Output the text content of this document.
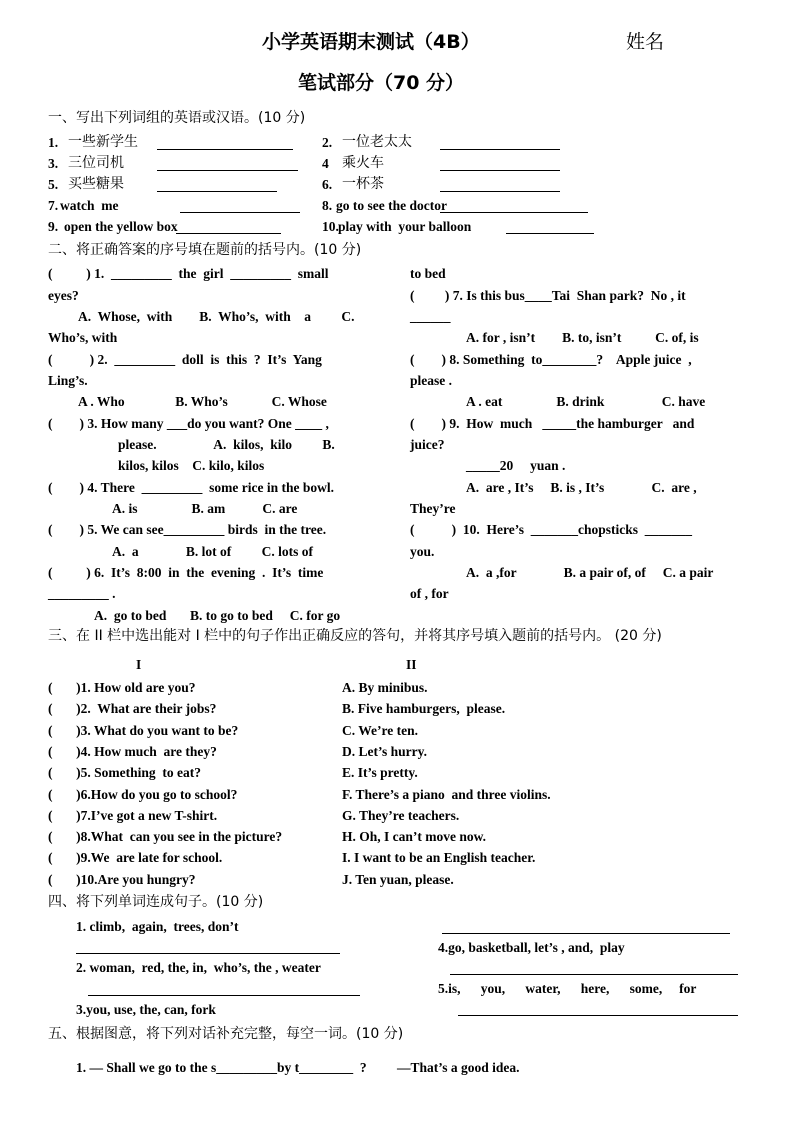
小学英语期末测试（4B）	姓名
笔试部分（70 分）
一、写出下列词组的英语或汉语。(10 分)
1. 一些新学生	2. 一位老太太
3. 三位司机	4 乘火车
5. 买些糖果	6. 一杯茶
7. watch  me	8. go to see the doctor
9. open the yellow box	10. play with  your balloon
二、将正确答案的序号填在题前的括号内。(10 分)
(          ) 1.  _________  the  girl  _________  small
eyes?
A.  Whose,  with        B.  Who’s,  with    a         C.
Who’s, with
(           ) 2.  _________  doll  is  this  ?  It’s  Yang
Ling’s.
A . Who               B. Who’s             C. Whose
(        ) 3. How many ___do you want? One ____ ,
please.                 A.  kilos,  kilo         B.
kilos, kilos    C. kilo, kilos
(        ) 4. There  _________  some rice in the bowl.
A. is                B. am           C. are
(        ) 5. We can see_________ birds  in the tree.
A.  a              B. lot of         C. lots of
(          ) 6.  It’s  8:00  in  the  evening  .  It’s  time
_________ .
A.  go to bed       B. to go to bed     C. for go
to bed
(         ) 7. Is this bus____Tai  Shan park?  No , it
______
A. for , isn’t        B. to, isn’t          C. of, is
(        ) 8. Something  to________?    Apple juice  ,
please .
A . eat                B. drink                 C. have
(        ) 9.  How  much   _____the hamburger   and
juice?
_____20     yuan .
A.  are , It’s     B. is , It’s              C.  are ,
They’re
(           )  10.  Here’s  _______chopsticks  _______
you.
A.  a ,for              B. a pair of, of     C. a pair
of , for
三、在 II 栏中选出能对 I 栏中的句子作出正确反应的答句，并将其序号填入题前的括号内。 (20 分)
I	II
(       )1. How old are you?	A. By minibus.
(       )2.  What are their jobs?	B. Five hamburgers,  please.
(       )3. What do you want to be?	C. We’re ten.
(       )4. How much  are they?	D. Let’s hurry.
(       )5. Something  to eat?	E. It’s pretty.
(       )6.How do you go to school?	F. There’s a piano  and three violins.
(       )7.I’ve got a new T-shirt.	G. They’re teachers.
(       )8.What  can you see in the picture?	H. Oh, I can’t move now.
(       )9.We  are late for school.	I. I want to be an English teacher.
(       )10.Are you hungry?	J. Ten yuan, please.
四、将下列单词连成句子。(10 分)
1. climb,  again,  trees, don’t
2. woman,  red, the, in,  who’s, the , weater
3.you, use, the, can, fork
4.go, basketball, let’s , and,  play
5.is,      you,      water,      here,      some,     for
五、根据图意，将下列对话补充完整，每空一词。(10 分)
1. — Shall we go to the s_________by t________  ?         —That’s a good idea.
